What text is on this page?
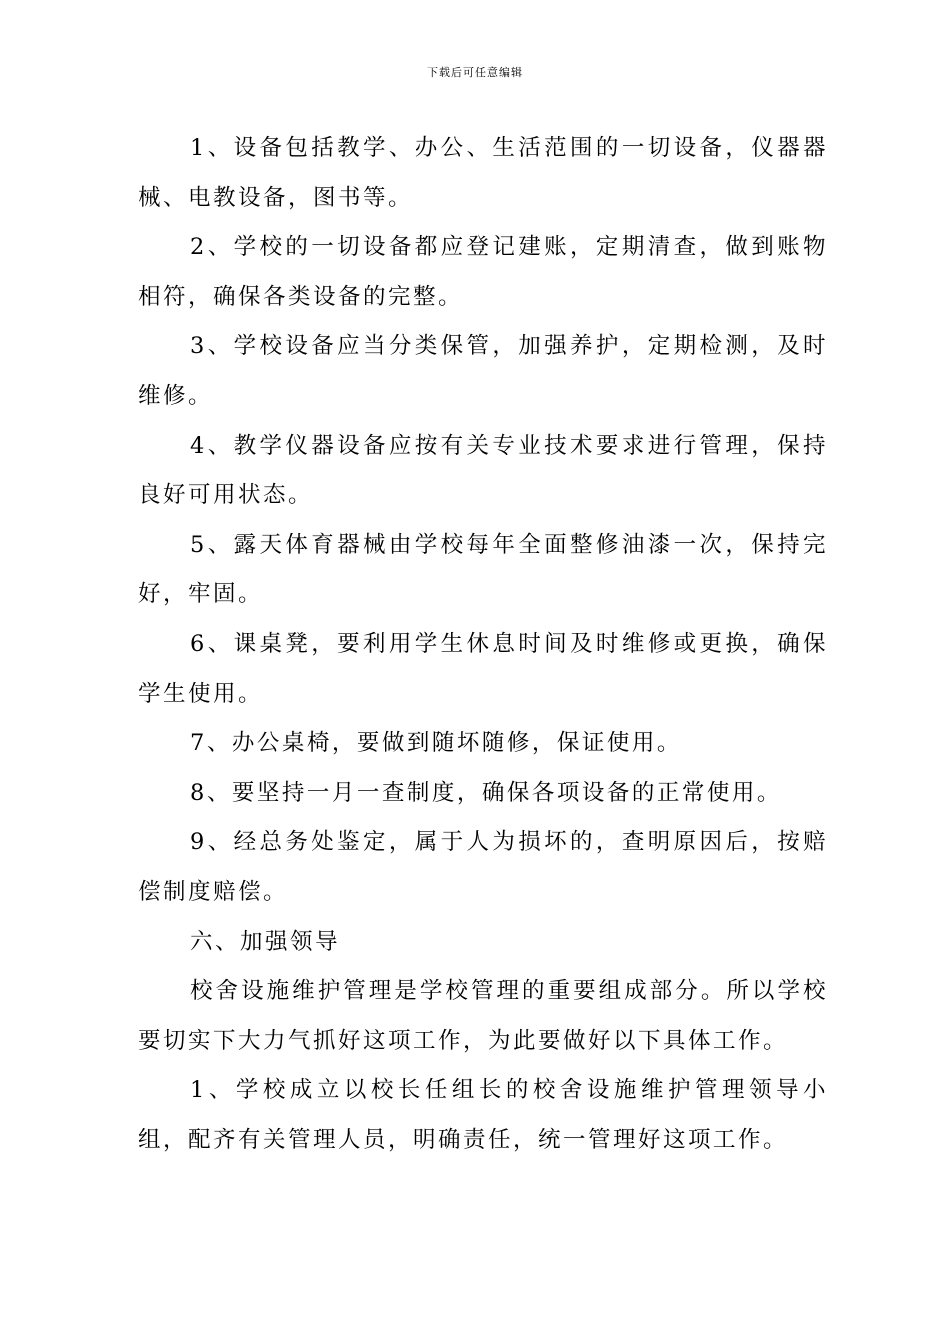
下载后可任意编辑

1、设备包括教学、办公、生活范围的一切设备，仪器器械、电教设备，图书等。

2、学校的一切设备都应登记建账，定期清查，做到账物相符，确保各类设备的完整。

3、学校设备应当分类保管，加强养护，定期检测，及时维修。

4、教学仪器设备应按有关专业技术要求进行管理，保持良好可用状态。

5、露天体育器械由学校每年全面整修油漆一次，保持完好，牢固。

6、课桌凳，要利用学生休息时间及时维修或更换，确保学生使用。

7、办公桌椅，要做到随坏随修，保证使用。

8、要坚持一月一查制度，确保各项设备的正常使用。

9、经总务处鉴定，属于人为损坏的，查明原因后，按赔偿制度赔偿。

六、加强领导

校舍设施维护管理是学校管理的重要组成部分。所以学校要切实下大力气抓好这项工作，为此要做好以下具体工作。

1、学校成立以校长任组长的校舍设施维护管理领导小组，配齐有关管理人员，明确责任，统一管理好这项工作。
